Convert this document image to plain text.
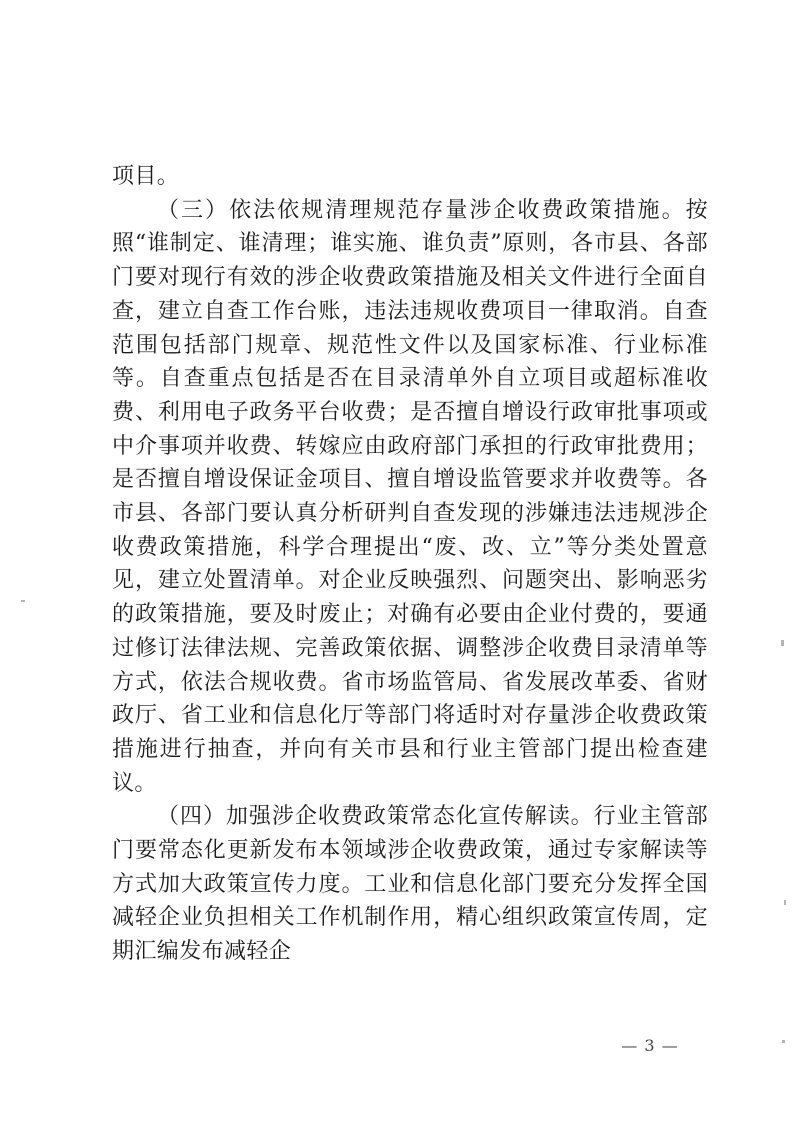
项目。

（三）依法依规清理规范存量涉企收费政策措施。按照“谁制定、谁清理；谁实施、谁负责”原则，各市县、各部门要对现行有效的涉企收费政策措施及相关文件进行全面自查，建立自查工作台账，违法违规收费项目一律取消。自查范围包括部门规章、规范性文件以及国家标准、行业标准等。自查重点包括是否在目录清单外自立项目或超标准收费、利用电子政务平台收费；是否擅自增设行政审批事项或中介事项并收费、转嫁应由政府部门承担的行政审批费用；是否擅自增设保证金项目、擅自增设监管要求并收费等。各市县、各部门要认真分析研判自查发现的涉嫌违法违规涉企收费政策措施，科学合理提出“废、改、立”等分类处置意见，建立处置清单。对企业反映强烈、问题突出、影响恶劣的政策措施，要及时废止；对确有必要由企业付费的，要通过修订法律法规、完善政策依据、调整涉企收费目录清单等方式，依法合规收费。省市场监管局、省发展改革委、省财政厅、省工业和信息化厅等部门将适时对存量涉企收费政策措施进行抽查，并向有关市县和行业主管部门提出检查建议。

（四）加强涉企收费政策常态化宣传解读。行业主管部门要常态化更新发布本领域涉企收费政策，通过专家解读等方式加大政策宣传力度。工业和信息化部门要充分发挥全国减轻企业负担相关工作机制作用，精心组织政策宣传周，定期汇编发布减轻企

— 3 —
